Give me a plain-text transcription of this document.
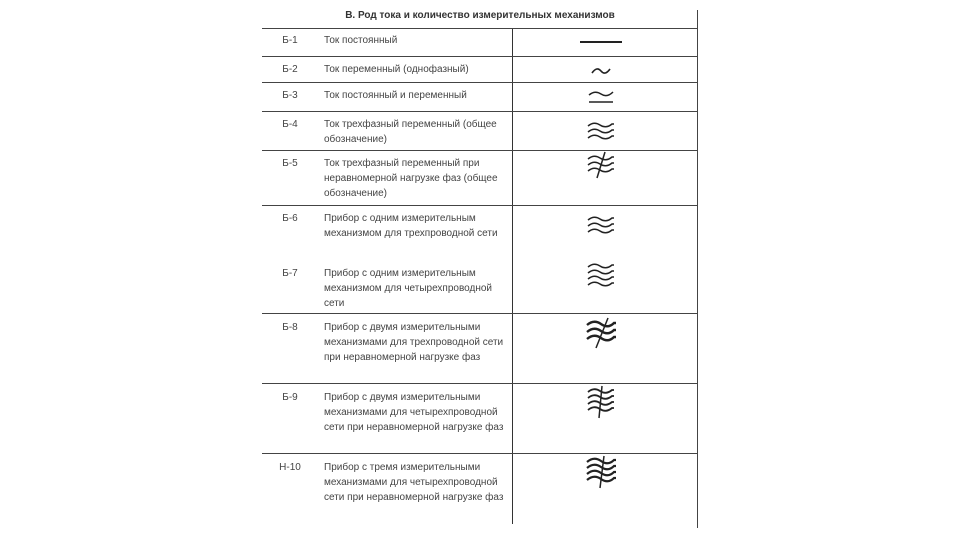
В. Род тока и количество измерительных механизмов
Б-1	Ток постоянный
Б-2	Ток переменный (однофазный)
Б-3	Ток постоянный и переменный
Б-4	Ток трехфазный переменный (общее обозначение)
Б-5	Ток трехфазный переменный при неравномерной нагрузке фаз (общее обозначение)
Б-6	Прибор с одним измерительным механизмом для трехпроводной сети
Б-7	Прибор с одним измерительным механизмом для четырехпроводной сети
Б-8	Прибор с двумя измерительными механизмами для трехпроводной сети при неравномерной нагрузке фаз
Б-9	Прибор с двумя измерительными механизмами для четырехпроводной сети при неравномерной нагрузке фаз
Н-10	Прибор с тремя измерительными механизмами для четырехпроводной сети при неравномерной нагрузке фаз
